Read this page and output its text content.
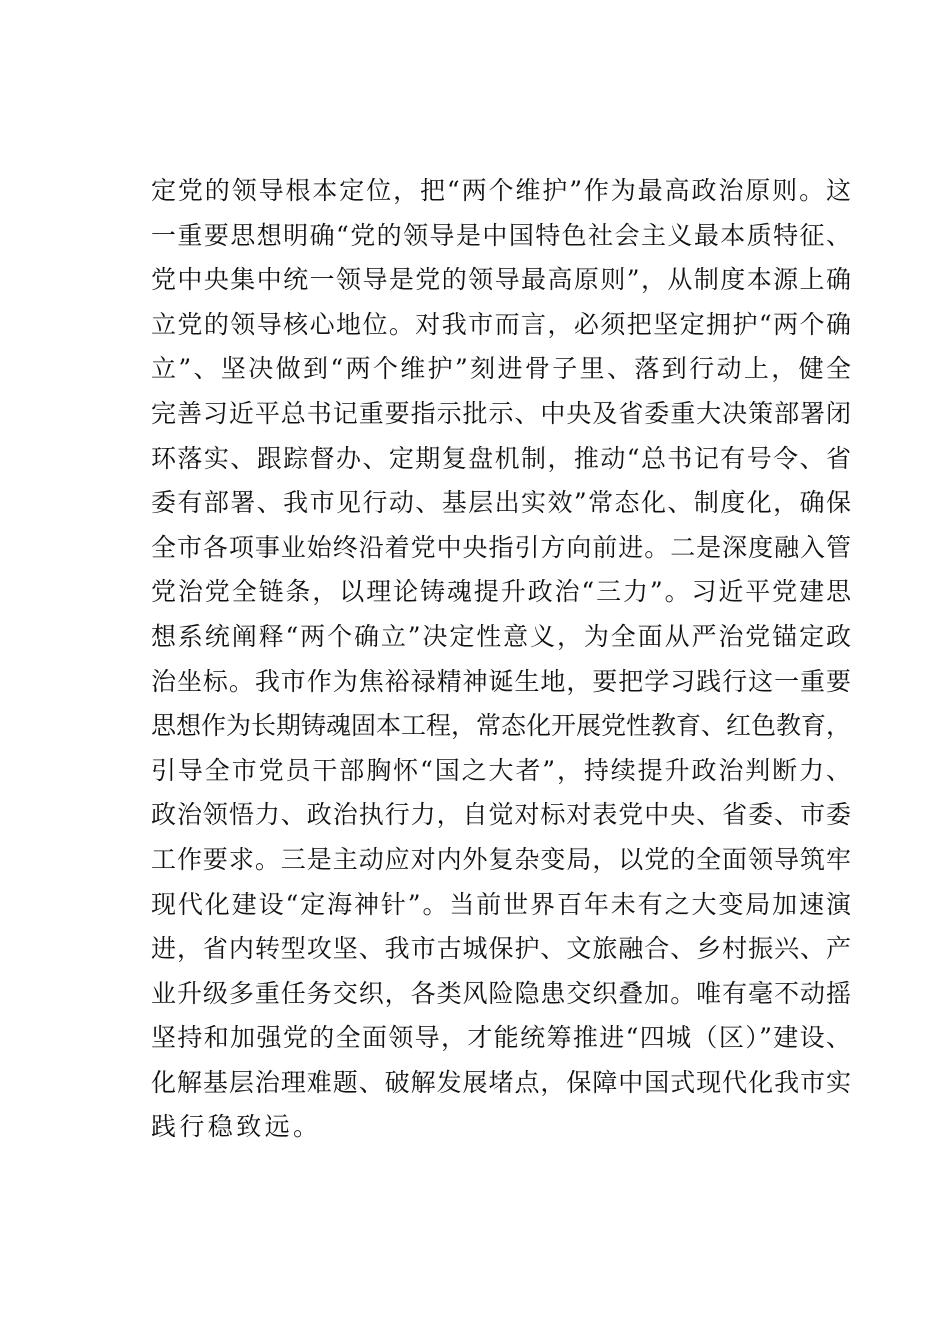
定党的领导根本定位，把“两个维护”作为最高政治原则。这
一重要思想明确“党的领导是中国特色社会主义最本质特征、
党中央集中统一领导是党的领导最高原则”，从制度本源上确
立党的领导核心地位。对我市而言，必须把坚定拥护“两个确
立”、坚决做到“两个维护”刻进骨子里、落到行动上，健全
完善习近平总书记重要指示批示、中央及省委重大决策部署闭
环落实、跟踪督办、定期复盘机制，推动“总书记有号令、省
委有部署、我市见行动、基层出实效”常态化、制度化，确保
全市各项事业始终沿着党中央指引方向前进。二是深度融入管
党治党全链条，以理论铸魂提升政治“三力”。习近平党建思
想系统阐释“两个确立”决定性意义，为全面从严治党锚定政
治坐标。我市作为焦裕禄精神诞生地，要把学习践行这一重要
思想作为长期铸魂固本工程，常态化开展党性教育、红色教育，
引导全市党员干部胸怀“国之大者”，持续提升政治判断力、
政治领悟力、政治执行力，自觉对标对表党中央、省委、市委
工作要求。三是主动应对内外复杂变局，以党的全面领导筑牢
现代化建设“定海神针”。当前世界百年未有之大变局加速演
进，省内转型攻坚、我市古城保护、文旅融合、乡村振兴、产
业升级多重任务交织，各类风险隐患交织叠加。唯有毫不动摇
坚持和加强党的全面领导，才能统筹推进“四城（区）”建设、
化解基层治理难题、破解发展堵点，保障中国式现代化我市实
践行稳致远。
